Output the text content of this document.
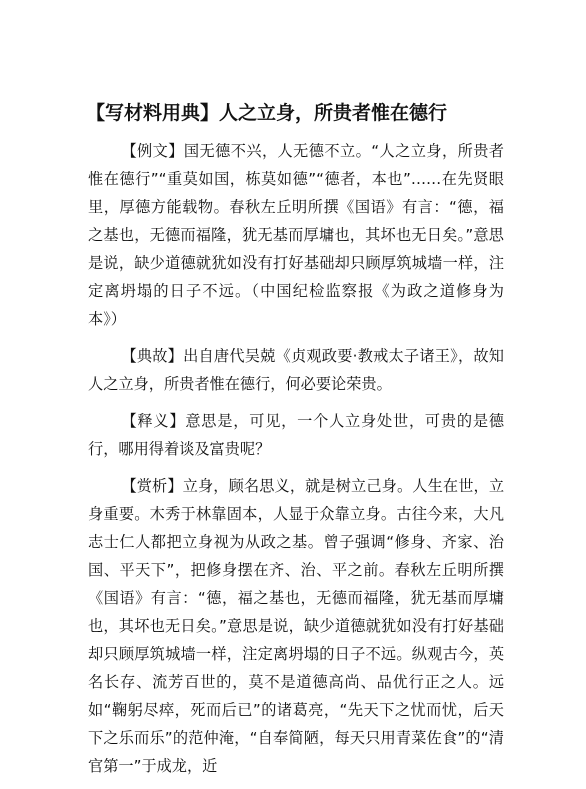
【写材料用典】人之立身，所贵者惟在德行

【例文】国无德不兴，人无德不立。“人之立身，所贵者惟在德行”“重莫如国，栋莫如德”“德者，本也”……在先贤眼里，厚德方能载物。春秋左丘明所撰《国语》有言：“德，福之基也，无德而福隆，犹无基而厚墉也，其坏也无日矣。”意思是说，缺少道德就犹如没有打好基础却只顾厚筑城墙一样，注定离坍塌的日子不远。（中国纪检监察报《为政之道修身为本》）

【典故】出自唐代吴兢《贞观政要·教戒太子诸王》，故知人之立身，所贵者惟在德行，何必要论荣贵。

【释义】意思是，可见，一个人立身处世，可贵的是德行，哪用得着谈及富贵呢？

【赏析】立身，顾名思义，就是树立己身。人生在世，立身重要。木秀于林靠固本，人显于众靠立身。古往今来，大凡志士仁人都把立身视为从政之基。曾子强调“修身、齐家、治国、平天下”，把修身摆在齐、治、平之前。春秋左丘明所撰《国语》有言：“德，福之基也，无德而福隆，犹无基而厚墉也，其坏也无日矣。”意思是说，缺少道德就犹如没有打好基础却只顾厚筑城墙一样，注定离坍塌的日子不远。纵观古今，英名长存、流芳百世的，莫不是道德高尚、品优行正之人。远如“鞠躬尽瘁，死而后已”的诸葛亮，“先天下之忧而忧，后天下之乐而乐”的范仲淹，“自奉简陋，每天只用青菜佐食”的“清官第一”于成龙，近
